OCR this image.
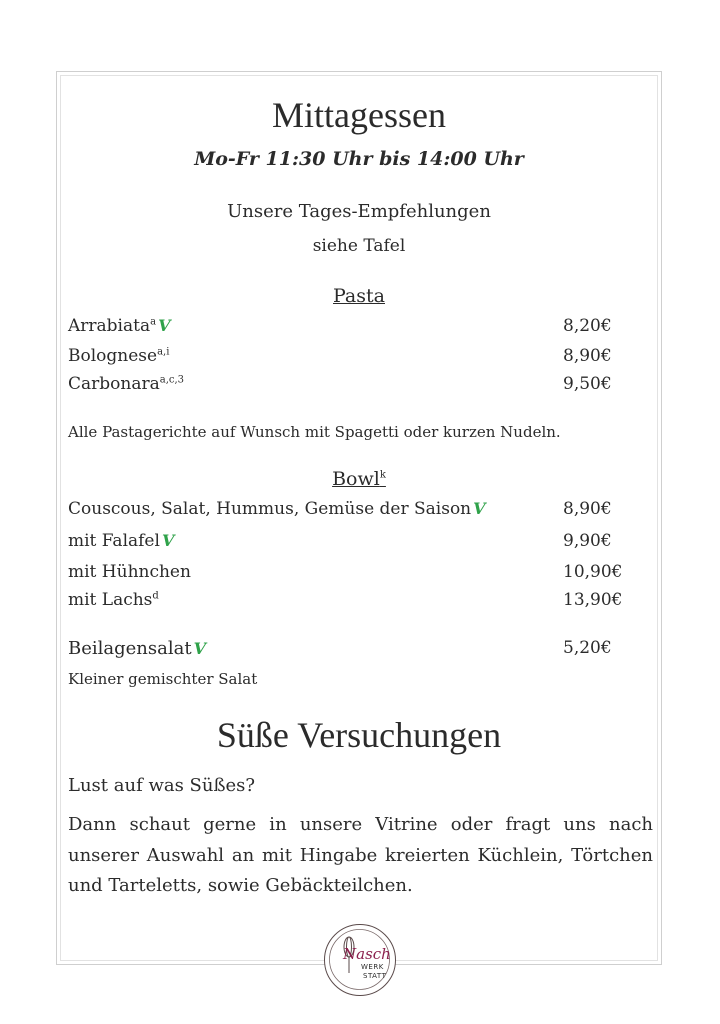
Mittagessen
Mo-Fr 11:30 Uhr bis 14:00 Uhr
Unsere Tages-Empfehlungen
siehe Tafel
Pasta
Arrabiata$^a$ V	8,20€
Bolognese$^{a,i}$	8,90€
Carbonara$^{a,c,3}$	9,50€
Alle Pastagerichte auf Wunsch mit Spagetti oder kurzen Nudeln.
Bowl$^k$
Couscous, Salat, Hummus, Gemüse der Saison V	8,90€
mit Falafel V	9,90€
mit Hühnchen	10,90€
mit Lachs$^d$	13,90€
Beilagensalat V	5,20€
Kleiner gemischter Salat
Süße Versuchungen
Lust auf was Süßes?
Dann schaut gerne in unsere Vitrine oder fragt uns nach unserer Auswahl an mit Hingabe kreierten Küchlein, Törtchen und Tarteletts, sowie Gebäckteilchen.
Nasch
WERK
STATT
